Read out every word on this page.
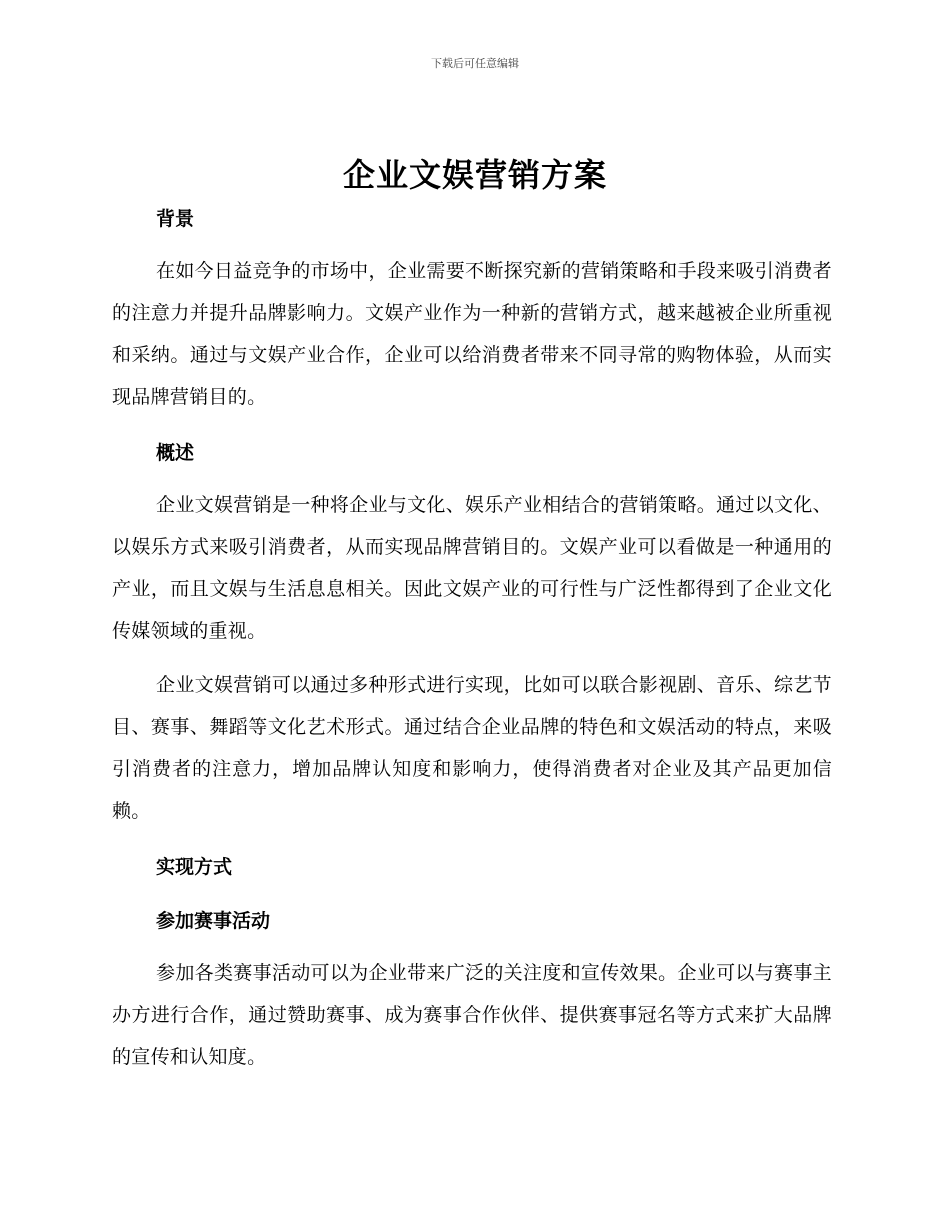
下载后可任意编辑
企业文娱营销方案

背景

在如今日益竞争的市场中，企业需要不断探究新的营销策略和手段来吸引消费者的注意力并提升品牌影响力。文娱产业作为一种新的营销方式，越来越被企业所重视和采纳。通过与文娱产业合作，企业可以给消费者带来不同寻常的购物体验，从而实现品牌营销目的。

概述

企业文娱营销是一种将企业与文化、娱乐产业相结合的营销策略。通过以文化、以娱乐方式来吸引消费者，从而实现品牌营销目的。文娱产业可以看做是一种通用的产业，而且文娱与生活息息相关。因此文娱产业的可行性与广泛性都得到了企业文化传媒领域的重视。

企业文娱营销可以通过多种形式进行实现，比如可以联合影视剧、音乐、综艺节目、赛事、舞蹈等文化艺术形式。通过结合企业品牌的特色和文娱活动的特点，来吸引消费者的注意力，增加品牌认知度和影响力，使得消费者对企业及其产品更加信赖。

实现方式

参加赛事活动

参加各类赛事活动可以为企业带来广泛的关注度和宣传效果。企业可以与赛事主办方进行合作，通过赞助赛事、成为赛事合作伙伴、提供赛事冠名等方式来扩大品牌的宣传和认知度。
